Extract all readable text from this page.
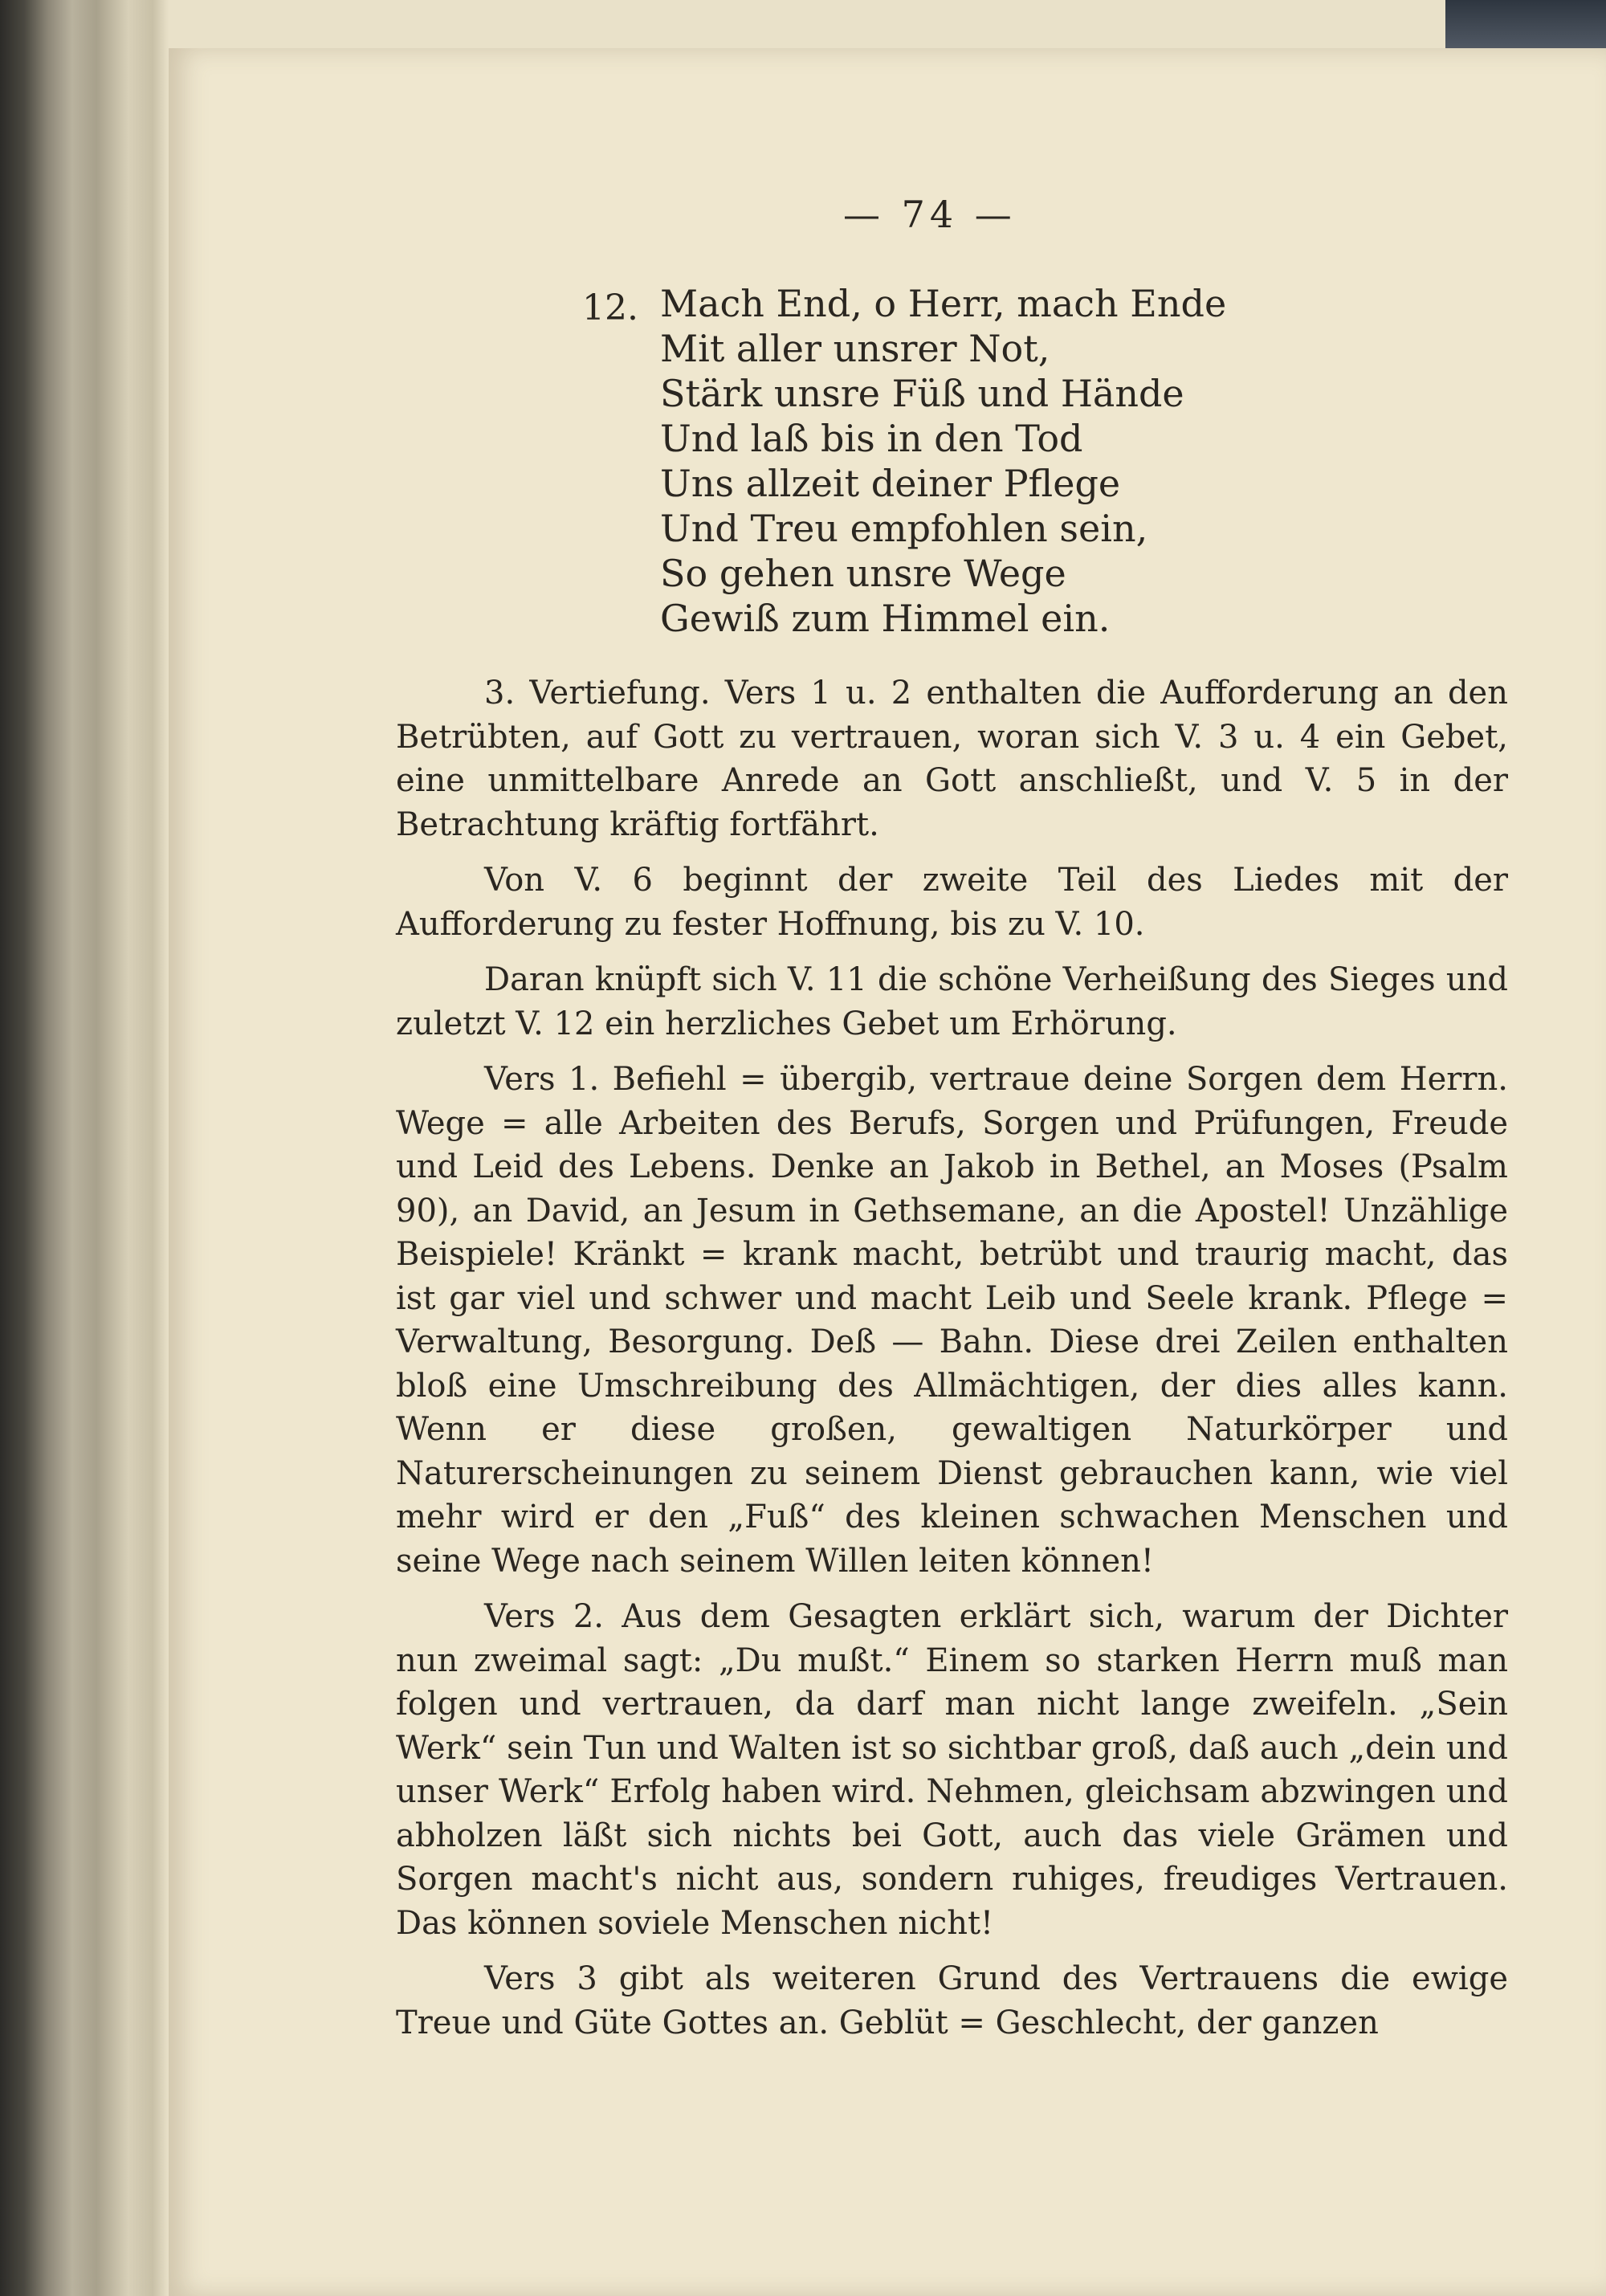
— 74 —
12. Mach End, o Herr, mach Ende
Mit aller unsrer Not,
Stärk unsre Füß und Hände
Und laß bis in den Tod
Uns allzeit deiner Pflege
Und Treu empfohlen sein,
So gehen unsre Wege
Gewiß zum Himmel ein.

3. Vertiefung. Vers 1 u. 2 enthalten die Aufforderung an den Betrübten, auf Gott zu vertrauen, woran sich V. 3 u. 4 ein Gebet, eine unmittelbare Anrede an Gott anschließt, und V. 5 in der Betrachtung kräftig fortfährt.

Von V. 6 beginnt der zweite Teil des Liedes mit der Aufforderung zu fester Hoffnung, bis zu V. 10.

Daran knüpft sich V. 11 die schöne Verheißung des Sieges und zuletzt V. 12 ein herzliches Gebet um Erhörung.

Vers 1. Befiehl = übergib, vertraue deine Sorgen dem Herrn. Wege = alle Arbeiten des Berufs, Sorgen und Prüfungen, Freude und Leid des Lebens. Denke an Jakob in Bethel, an Moses (Psalm 90), an David, an Jesum in Gethsemane, an die Apostel! Unzählige Beispiele! Kränkt = krank macht, betrübt und traurig macht, das ist gar viel und schwer und macht Leib und Seele krank. Pflege = Verwaltung, Besorgung. Deß — Bahn. Diese drei Zeilen enthalten bloß eine Umschreibung des Allmächtigen, der dies alles kann. Wenn er diese großen, gewaltigen Naturkörper und Naturerscheinungen zu seinem Dienst gebrauchen kann, wie viel mehr wird er den „Fuß“ des kleinen schwachen Menschen und seine Wege nach seinem Willen leiten können!

Vers 2. Aus dem Gesagten erklärt sich, warum der Dichter nun zweimal sagt: „Du mußt.“ Einem so starken Herrn muß man folgen und vertrauen, da darf man nicht lange zweifeln. „Sein Werk“ sein Tun und Walten ist so sichtbar groß, daß auch „dein und unser Werk“ Erfolg haben wird. Nehmen, gleichsam abzwingen und abholzen läßt sich nichts bei Gott, auch das viele Grämen und Sorgen macht's nicht aus, sondern ruhiges, freudiges Vertrauen. Das können soviele Menschen nicht!

Vers 3 gibt als weiteren Grund des Vertrauens die ewige Treue und Güte Gottes an. Geblüt = Geschlecht, der ganzen
